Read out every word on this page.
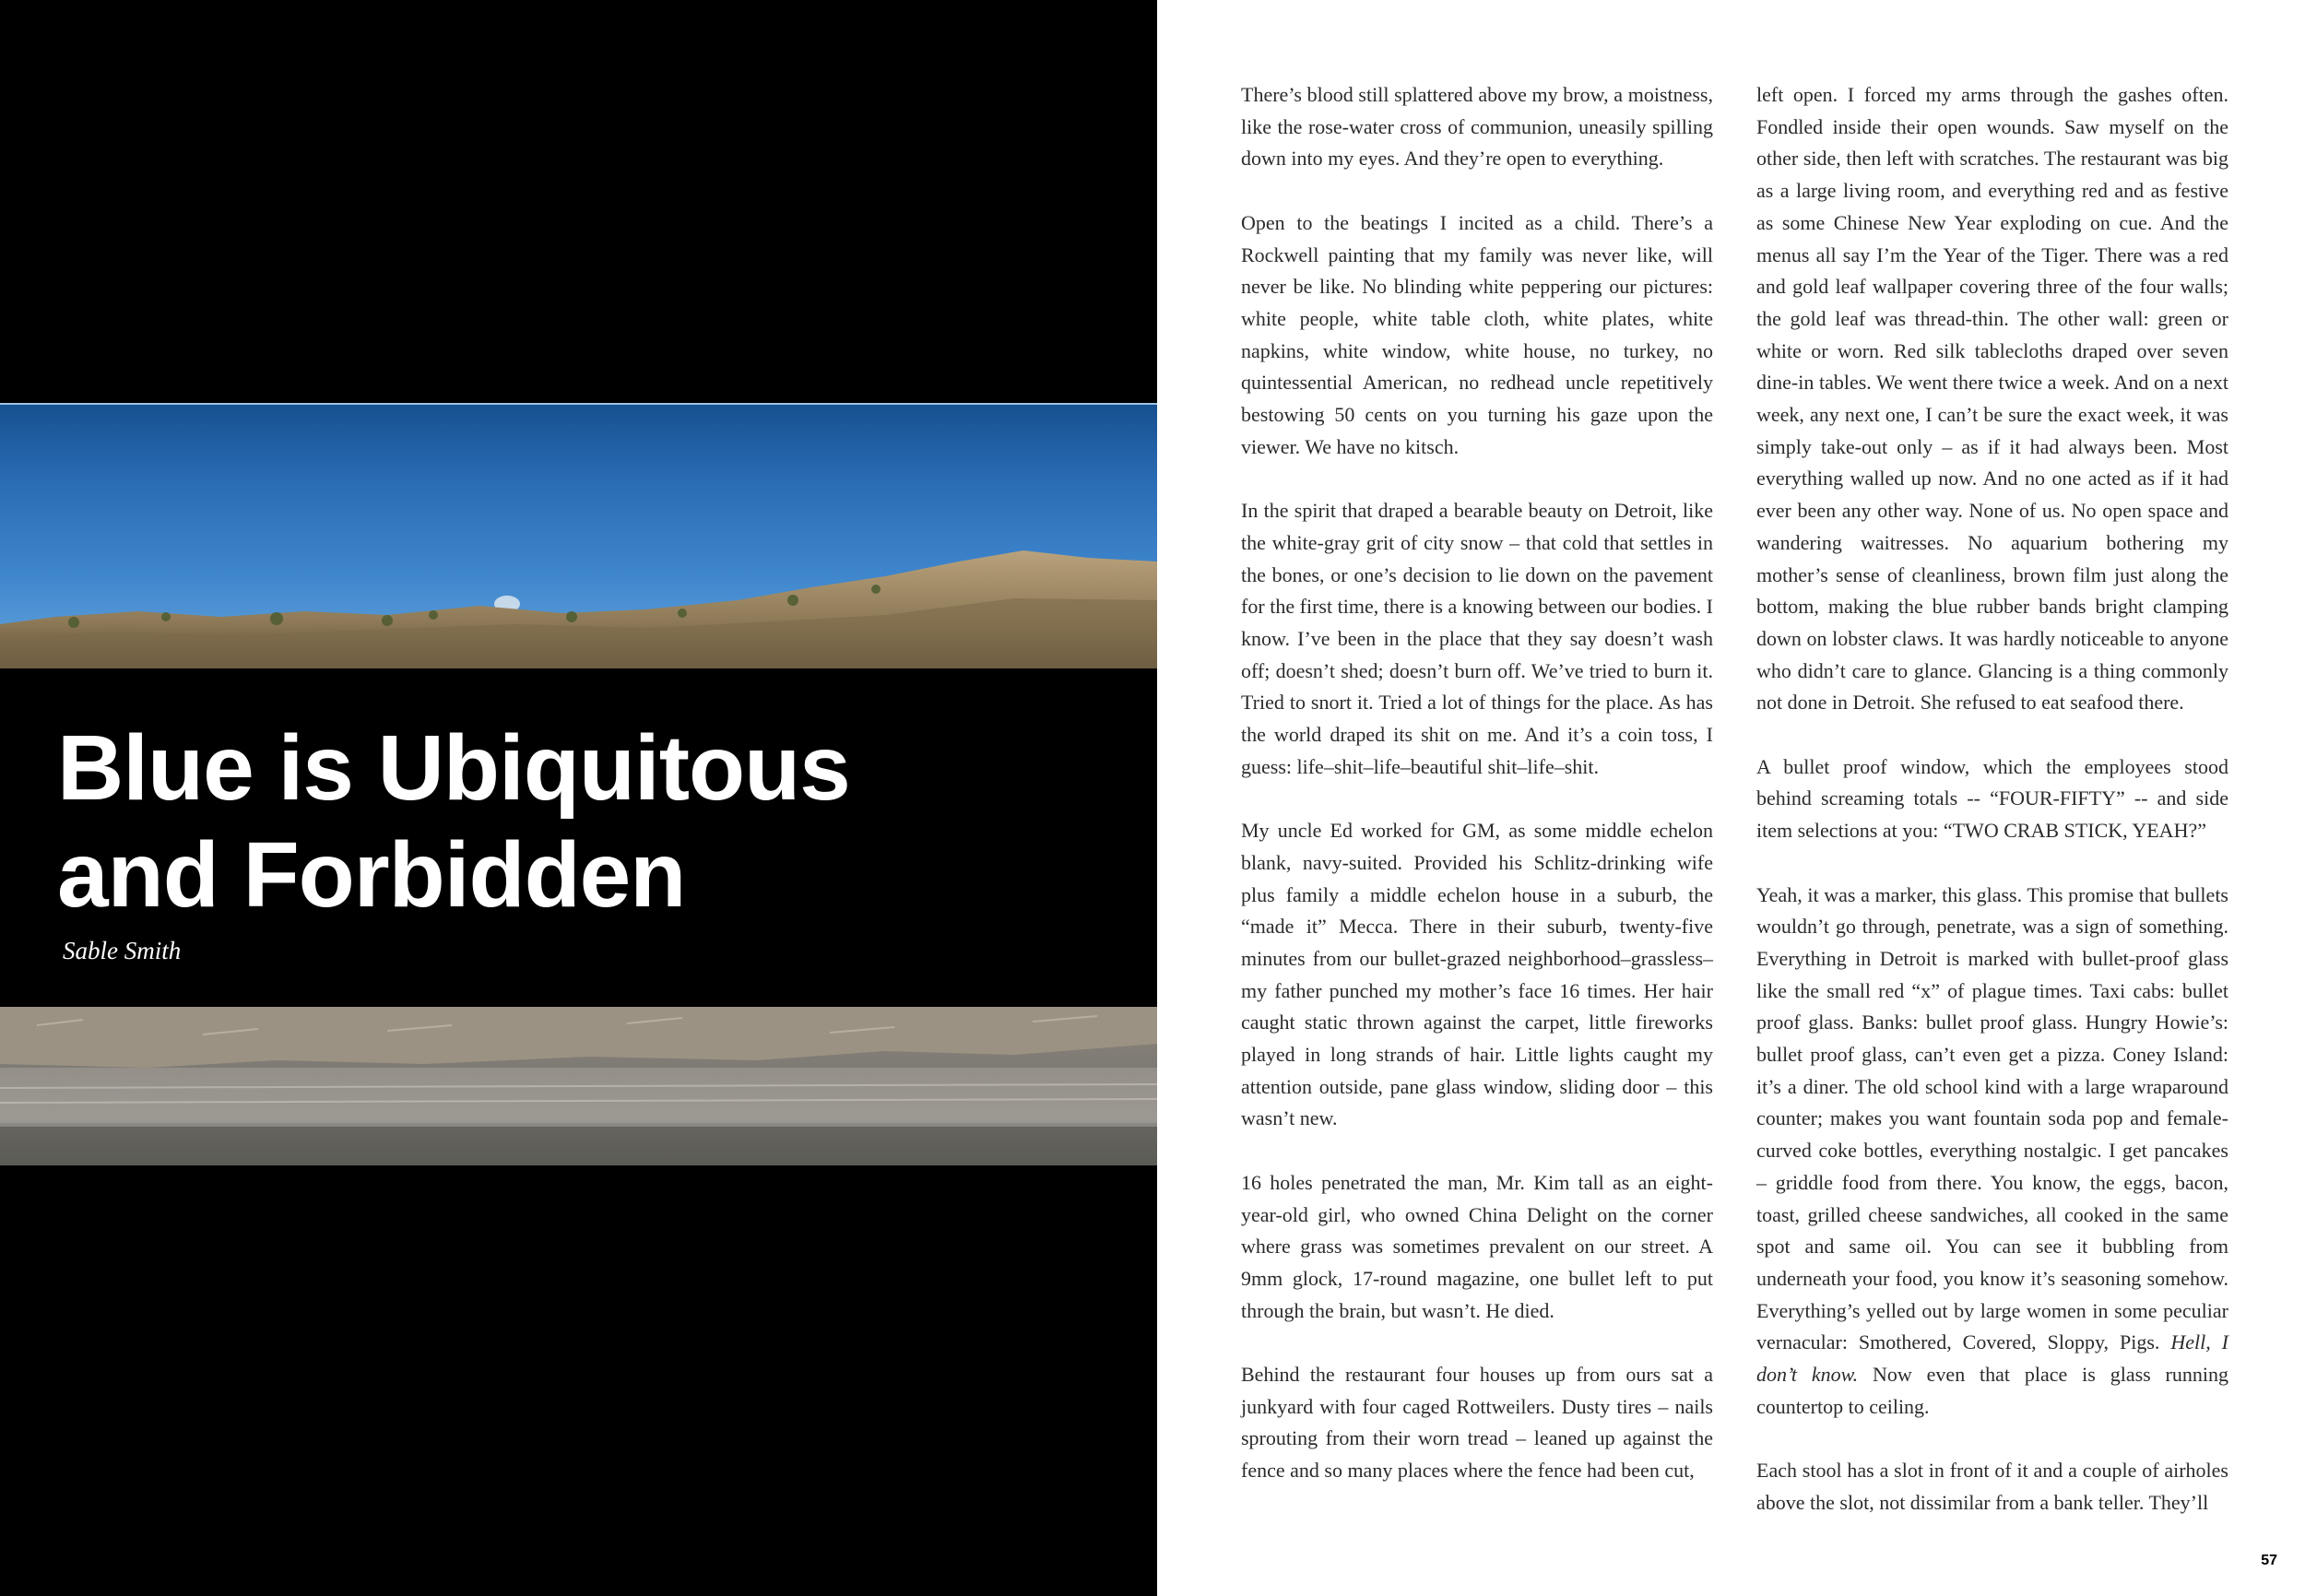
Blue is Ubiquitous
and Forbidden
Sable Smith

There’s blood still splattered above my brow, a moistness, like the rose-water cross of communion, uneasily spilling down into my eyes. And they’re open to everything.

Open to the beatings I incited as a child. There’s a Rockwell painting that my family was never like, will never be like. No blinding white peppering our pictures: white people, white table cloth, white plates, white napkins, white window, white house, no turkey, no quintessential American, no redhead uncle repetitively bestowing 50 cents on you turning his gaze upon the viewer. We have no kitsch.

In the spirit that draped a bearable beauty on Detroit, like the white-gray grit of city snow – that cold that settles in the bones, or one’s decision to lie down on the pavement for the first time, there is a knowing between our bodies. I know. I’ve been in the place that they say doesn’t wash off; doesn’t shed; doesn’t burn off. We’ve tried to burn it. Tried to snort it. Tried a lot of things for the place. As has the world draped its shit on me. And it’s a coin toss, I guess: life–shit–life–beautiful shit–life–shit.

My uncle Ed worked for GM, as some middle echelon blank, navy-suited. Provided his Schlitz-drinking wife plus family a middle echelon house in a suburb, the “made it” Mecca. There in their suburb, twenty-five minutes from our bullet-grazed neighborhood–grassless–my father punched my mother’s face 16 times. Her hair caught static thrown against the carpet, little fireworks played in long strands of hair. Little lights caught my attention outside, pane glass window, sliding door – this wasn’t new.

16 holes penetrated the man, Mr. Kim tall as an eight-year-old girl, who owned China Delight on the corner where grass was sometimes prevalent on our street. A 9mm glock, 17-round magazine, one bullet left to put through the brain, but wasn’t. He died.

Behind the restaurant four houses up from ours sat a junkyard with four caged Rottweilers. Dusty tires – nails sprouting from their worn tread – leaned up against the fence and so many places where the fence had been cut,

left open. I forced my arms through the gashes often. Fondled inside their open wounds. Saw myself on the other side, then left with scratches. The restaurant was big as a large living room, and everything red and as festive as some Chinese New Year exploding on cue. And the menus all say I’m the Year of the Tiger. There was a red and gold leaf wallpaper covering three of the four walls; the gold leaf was thread-thin. The other wall: green or white or worn. Red silk tablecloths draped over seven dine-in tables. We went there twice a week. And on a next week, any next one, I can’t be sure the exact week, it was simply take-out only – as if it had always been. Most everything walled up now. And no one acted as if it had ever been any other way. None of us. No open space and wandering waitresses. No aquarium bothering my mother’s sense of cleanliness, brown film just along the bottom, making the blue rubber bands bright clamping down on lobster claws. It was hardly noticeable to anyone who didn’t care to glance. Glancing is a thing commonly not done in Detroit. She refused to eat seafood there.

A bullet proof window, which the employees stood behind screaming totals -- “FOUR-FIFTY” -- and side item selections at you: “TWO CRAB STICK, YEAH?”

Yeah, it was a marker, this glass. This promise that bullets wouldn’t go through, penetrate, was a sign of something. Everything in Detroit is marked with bullet-proof glass like the small red “x” of plague times. Taxi cabs: bullet proof glass. Banks: bullet proof glass. Hungry Howie’s: bullet proof glass, can’t even get a pizza. Coney Island: it’s a diner. The old school kind with a large wraparound counter; makes you want fountain soda pop and female-curved coke bottles, everything nostalgic. I get pancakes – griddle food from there. You know, the eggs, bacon, toast, grilled cheese sandwiches, all cooked in the same spot and same oil. You can see it bubbling from underneath your food, you know it’s seasoning somehow. Everything’s yelled out by large women in some peculiar vernacular: Smothered, Covered, Sloppy, Pigs. Hell, I don’t know. Now even that place is glass running countertop to ceiling.

Each stool has a slot in front of it and a couple of airholes above the slot, not dissimilar from a bank teller. They’ll

57
